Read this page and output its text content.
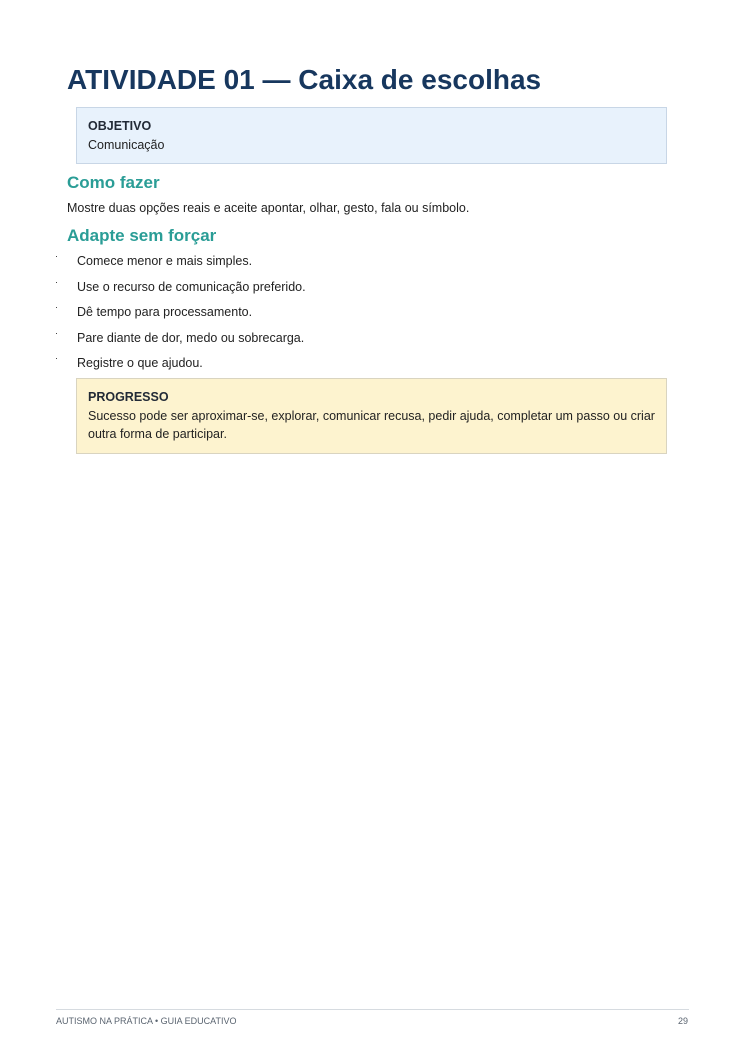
ATIVIDADE 01 — Caixa de escolhas
OBJETIVO
Comunicação
Como fazer
Mostre duas opções reais e aceite apontar, olhar, gesto, fala ou símbolo.
Adapte sem forçar
· Comece menor e mais simples.
· Use o recurso de comunicação preferido.
· Dê tempo para processamento.
· Pare diante de dor, medo ou sobrecarga.
· Registre o que ajudou.
PROGRESSO
Sucesso pode ser aproximar-se, explorar, comunicar recusa, pedir ajuda, completar um passo ou criar outra forma de participar.
AUTISMO NA PRÁTICA • GUIA EDUCATIVO	29
